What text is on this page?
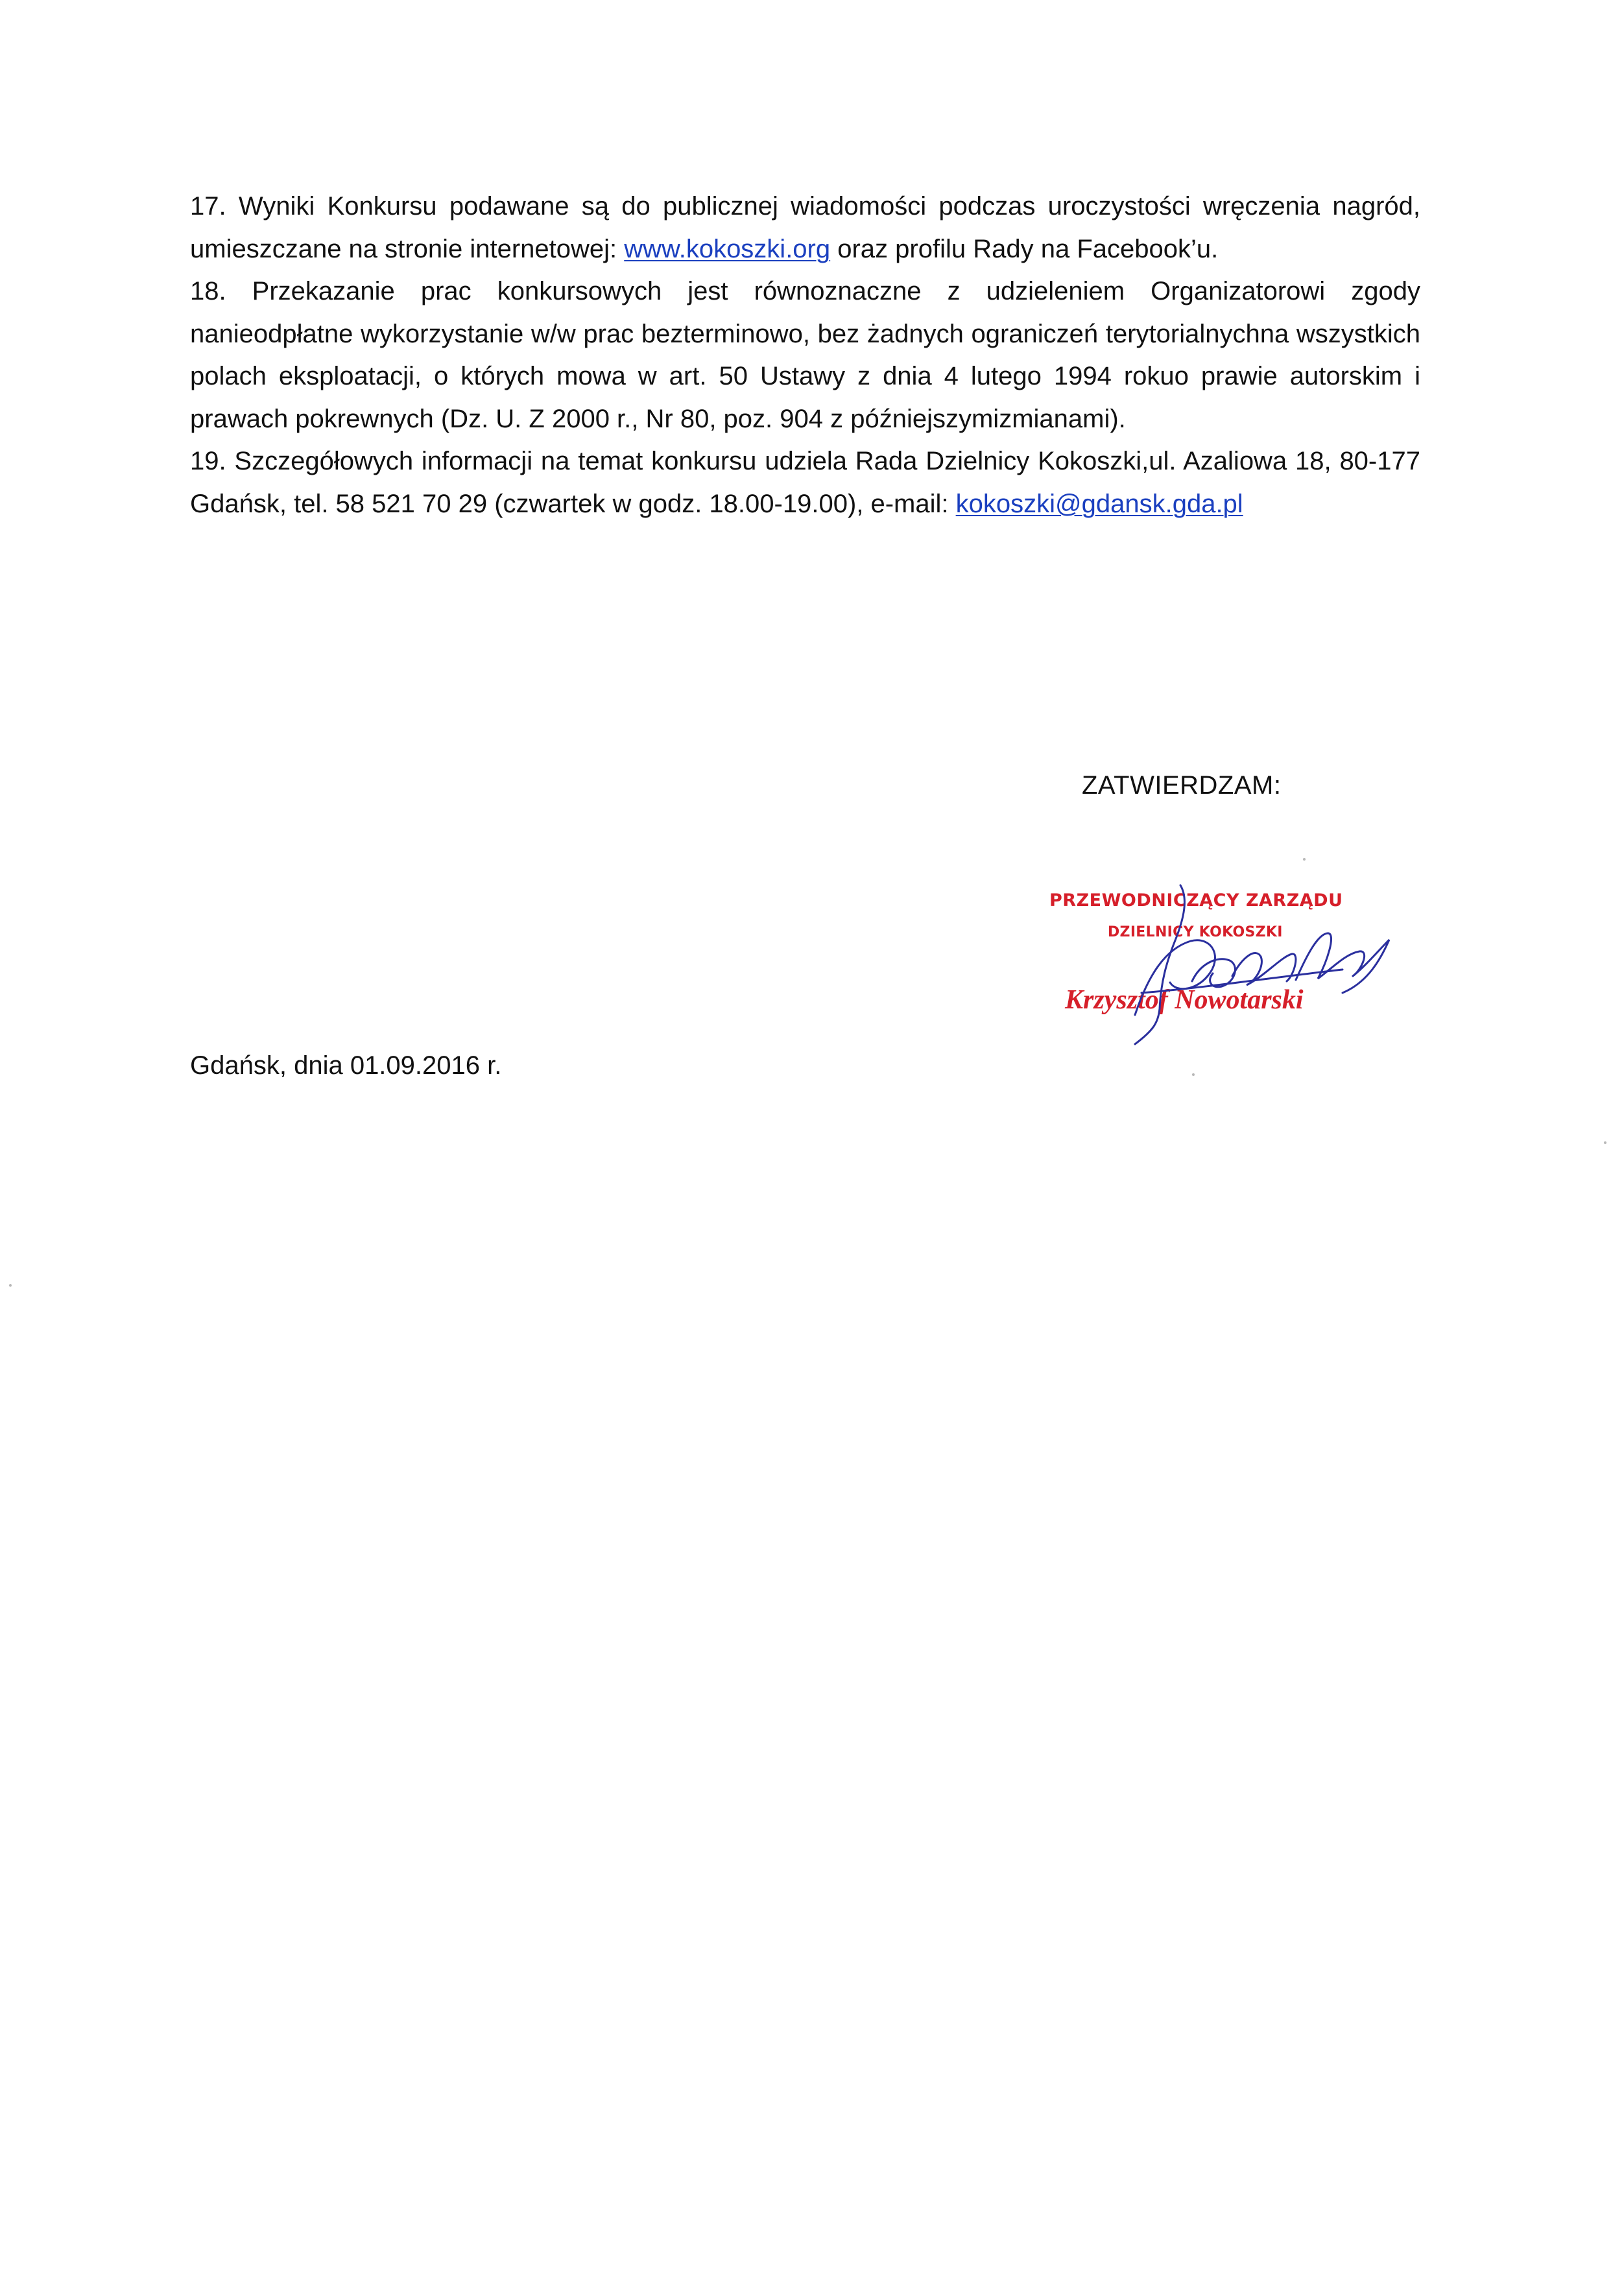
17. Wyniki Konkursu podawane są do publicznej wiadomości podczas uroczystości wręczenia nagród, umieszczane na stronie internetowej: www.kokoszki.org oraz profilu Rady na Facebook’u.

18. Przekazanie prac konkursowych jest równoznaczne z udzieleniem Organizatorowi zgody nanieodpłatne wykorzystanie w/w prac bezterminowo, bez żadnych ograniczeń terytorialnychna wszystkich polach eksploatacji, o których mowa w art. 50 Ustawy z dnia 4 lutego 1994 rokuo prawie autorskim i prawach pokrewnych (Dz. U. Z 2000 r., Nr 80, poz. 904 z późniejszymizmianami).

19. Szczegółowych informacji na temat konkursu udziela Rada Dzielnicy Kokoszki,ul. Azaliowa 18, 80-177 Gdańsk, tel. 58 521 70 29 (czwartek w godz. 18.00-19.00), e-mail: kokoszki@gdansk.gda.pl

ZATWIERDZAM:
PRZEWODNICZĄCY ZARZĄDU
DZIELNICY KOKOSZKI
Krzysztof Nowotarski
Gdańsk, dnia 01.09.2016 r.
